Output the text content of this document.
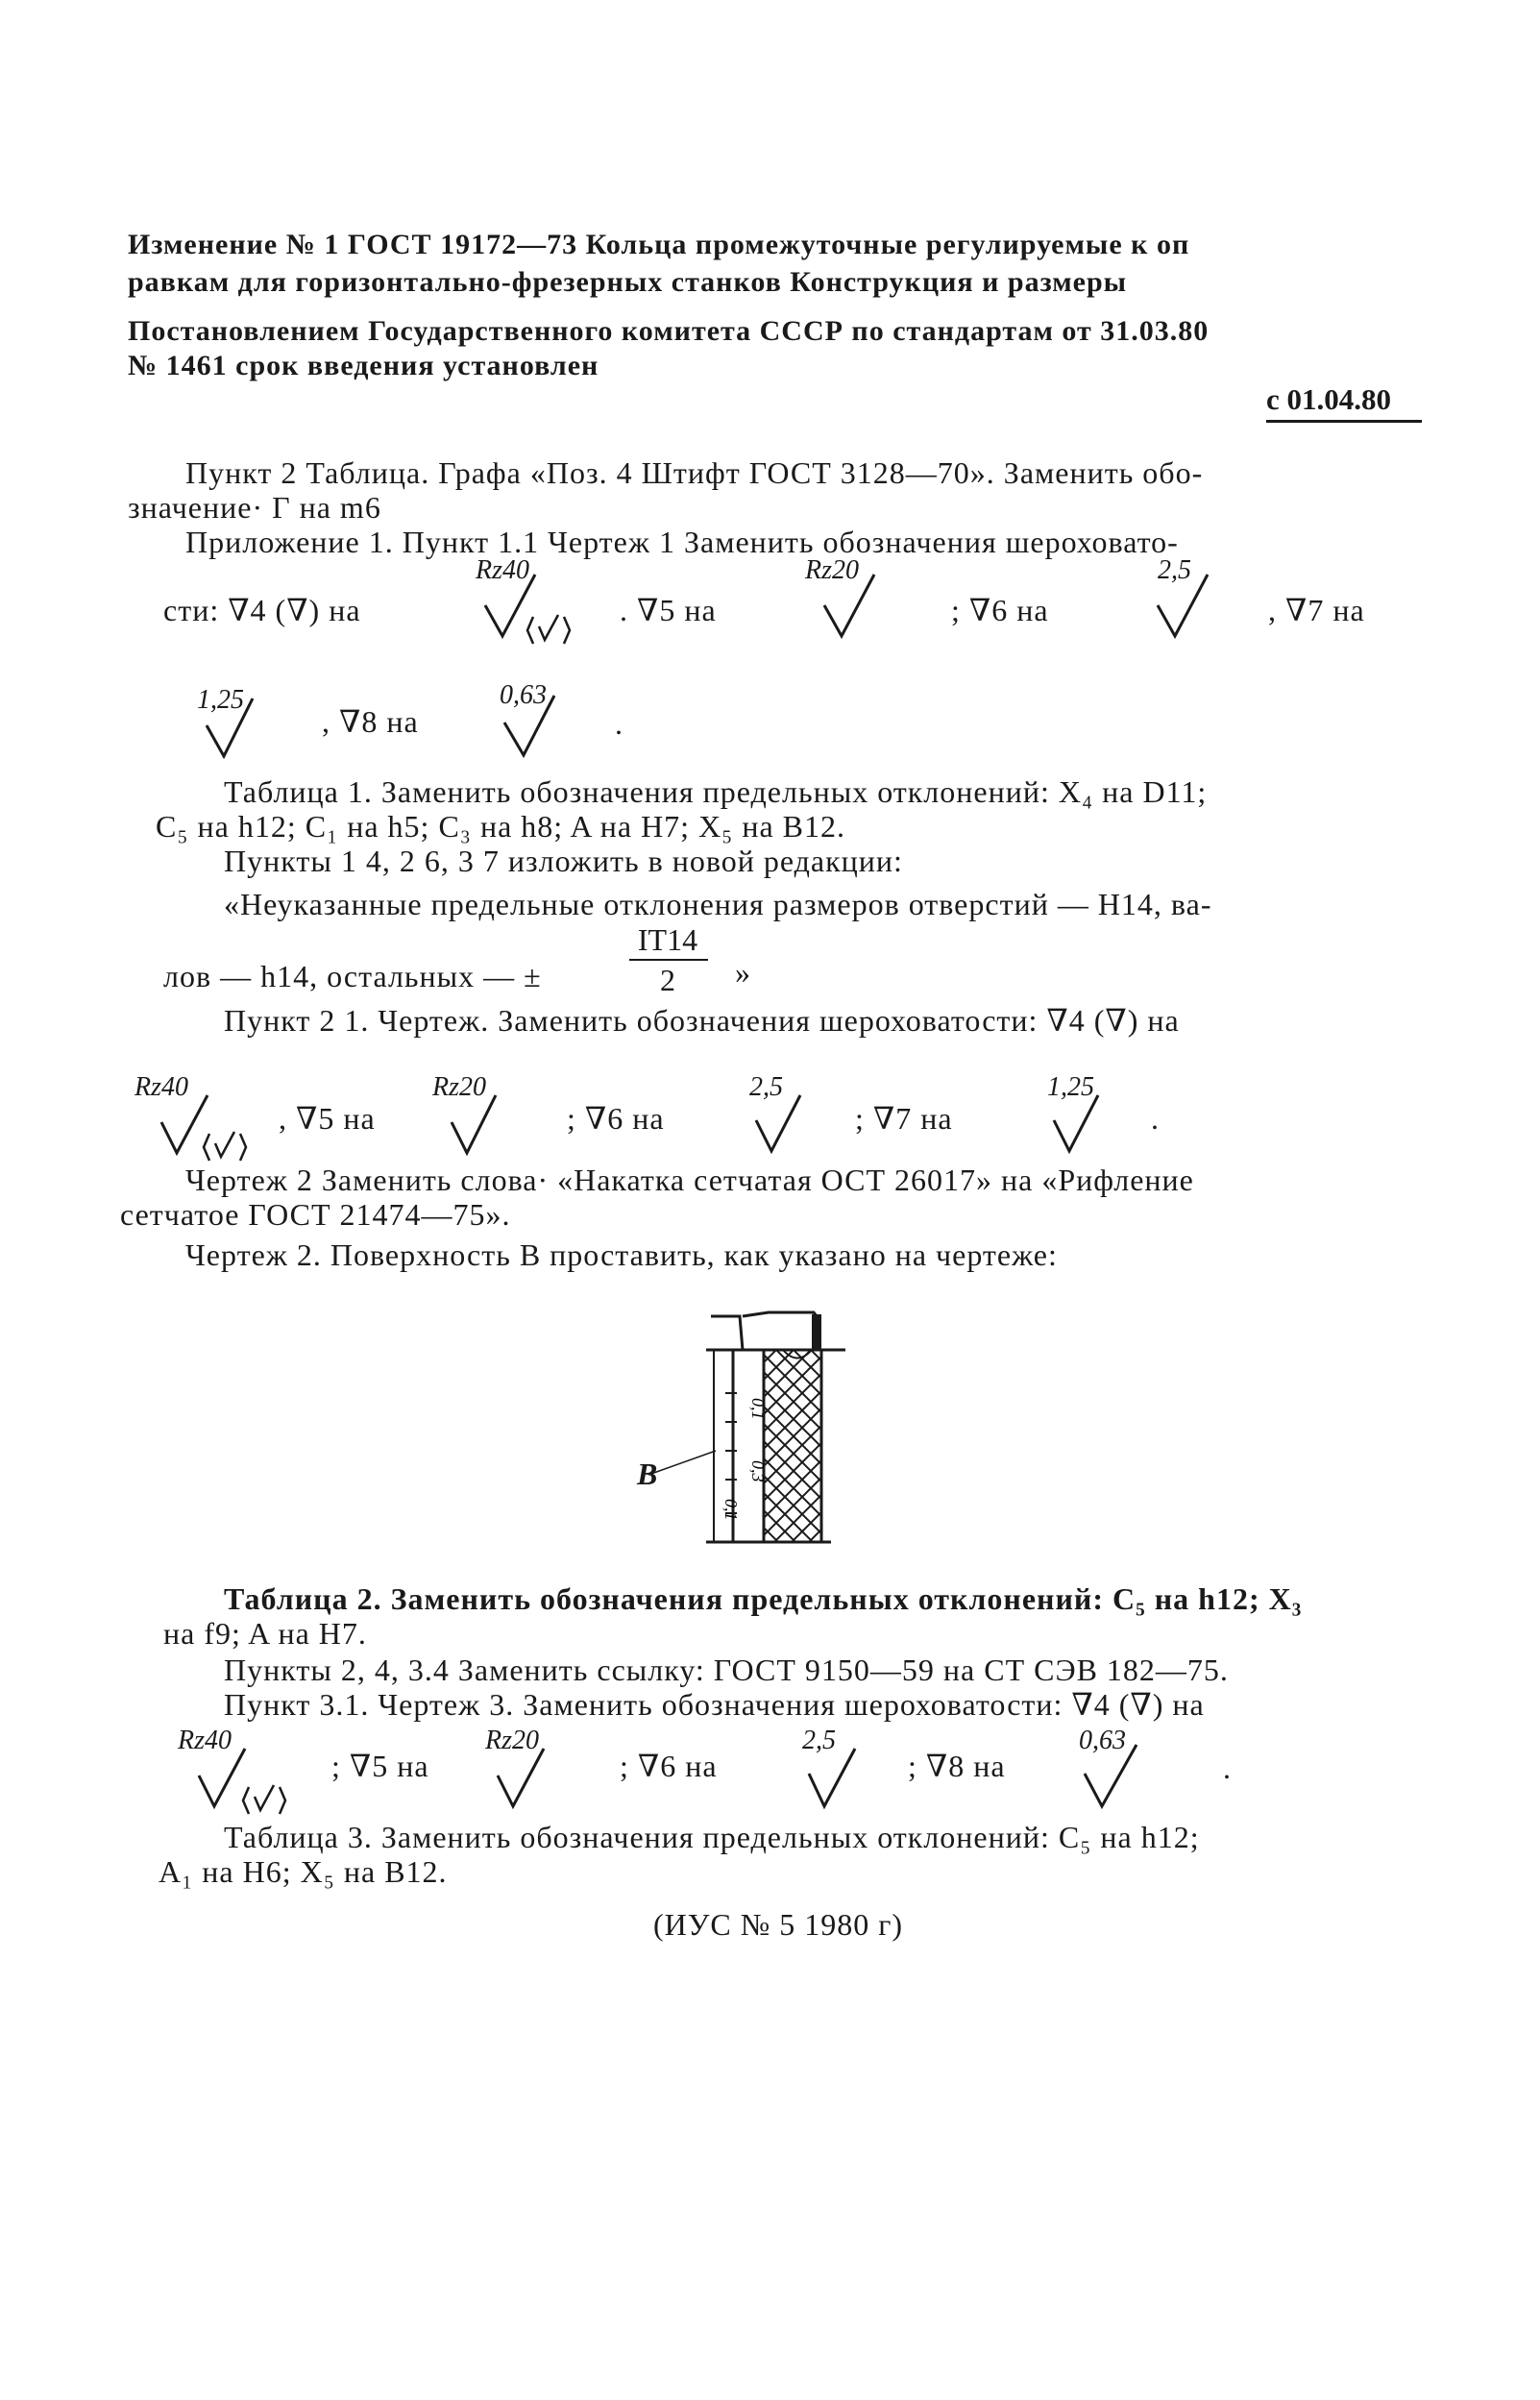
Изменение № 1 ГОСТ 19172—73 Кольца промежуточные регулируемые к оп
равкам для горизонтально-фрезерных станков Конструкция и размеры
Постановлением Государственного комитета СССР по стандартам от 31.03.80
№ 1461 срок введения установлен
с 01.04.80
Пункт 2 Таблица. Графа «Поз. 4 Штифт ГОСТ 3128—70». Заменить обо-
значение· Г на m6
Приложение 1. Пункт 1.1 Чертеж 1 Заменить обозначения шероховато-
сти: ∇4 (∇) на
Rz40
. ∇5 на
Rz20
; ∇6 на
2,5
, ∇7 на
1,25
, ∇8 на
0,63
.
Таблица 1. Заменить обозначения предельных отклонений: X₄ на D11;
C₅ на h12; C₁ на h5; C₃ на h8; A на H7; X₅ на B12.
Пункты 1 4, 2 6, 3 7 изложить в новой редакции:
«Неуказанные предельные отклонения размеров отверстий — H14, ва-
лов — h14, остальных — ±
IT14
2	»
Пункт 2 1. Чертеж. Заменить обозначения шероховатости: ∇4 (∇) на
Rz40
, ∇5 на
Rz20
; ∇6 на
2,5
; ∇7 на
1,25
.
Чертеж 2 Заменить слова· «Накатка сетчатая ОСТ 26017» на «Рифление
сетчатое ГОСТ 21474—75».
Чертеж 2. Поверхность В проставить, как указано на чертеже:
0,1
0,3
0,1
В
Таблица 2. Заменить обозначения предельных отклонений: C₅ на h12; X₃
на f9; A на H7.
Пункты 2, 4, 3.4 Заменить ссылку: ГОСТ 9150—59 на СТ СЭВ 182—75.
Пункт 3.1. Чертеж 3. Заменить обозначения шероховатости: ∇4 (∇) на
Rz40
; ∇5 на
Rz20
; ∇6 на
2,5
; ∇8 на
0,63
.
Таблица 3. Заменить обозначения предельных отклонений: C₅ на h12;
A₁ на H6; X₅ на B12.
(ИУС № 5 1980 г)
